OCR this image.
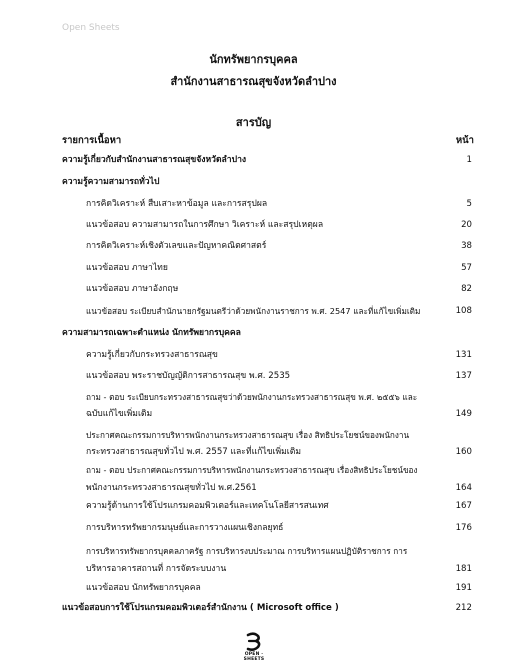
Open Sheets
นักทรัพยากรบุคคล
สำนักงานสาธารณสุขจังหวัดลำปาง
สารบัญ
รายการเนื้อหา	หน้า
ความรู้เกี่ยวกับสำนักงานสาธารณสุขจังหวัดลำปาง	1
ความรู้ความสามารถทั่วไป
การคิดวิเคราะห์ สืบเสาะหาข้อมูล และการสรุปผล	5
แนวข้อสอบ ความสามารถในการศึกษา วิเคราะห์ และสรุปเหตุผล	20
การคิดวิเคราะห์เชิงตัวเลขและปัญหาคณิตศาสตร์	38
แนวข้อสอบ ภาษาไทย	57
แนวข้อสอบ ภาษาอังกฤษ	82
แนวข้อสอบ ระเบียบสำนักนายกรัฐมนตรีว่าด้วยพนักงานราชการ พ.ศ. 2547 และที่แก้ไขเพิ่มเติม	108
ความสามารถเฉพาะตำแหน่ง นักทรัพยากรบุคคล
ความรู้เกี่ยวกับกระทรวงสาธารณสุข	131
แนวข้อสอบ พระราชบัญญัติการสาธารณสุข พ.ศ. 2535	137
ถาม - ตอบ ระเบียบกระทรวงสาธารณสุขว่าด้วยพนักงานกระทรวงสาธารณสุข พ.ศ. ๒๕๕๖ และ
ฉบับแก้ไขเพิ่มเติม	149
ประกาศคณะกรรมการบริหารพนักงานกระทรวงสาธารณสุข เรื่อง สิทธิประโยชน์ของพนักงาน
กระทรวงสาธารณสุขทั่วไป พ.ศ. 2557 และที่แก้ไขเพิ่มเติม	160
ถาม - ตอบ ประกาศคณะกรรมการบริหารพนักงานกระทรวงสาธารณสุข เรื่องสิทธิประโยชน์ของ
พนักงานกระทรวงสาธารณสุขทั่วไป พ.ศ.2561	164
ความรู้ด้านการใช้โปรแกรมคอมพิวเตอร์และเทคโนโลยีสารสนเทศ	167
การบริหารทรัพยากรมนุษย์และการวางแผนเชิงกลยุทธ์	176
การบริหารทรัพยากรบุคคลภาครัฐ การบริหารงบประมาณ การบริหารแผนปฏิบัติราชการ การ
บริหารอาคารสถานที่ การจัดระบบงาน	181
แนวข้อสอบ นักทรัพยากรบุคคล	191
แนวข้อสอบการใช้โปรแกรมคอมพิวเตอร์สำนักงาน ( Microsoft office )	212
OPEN · SHEETS
